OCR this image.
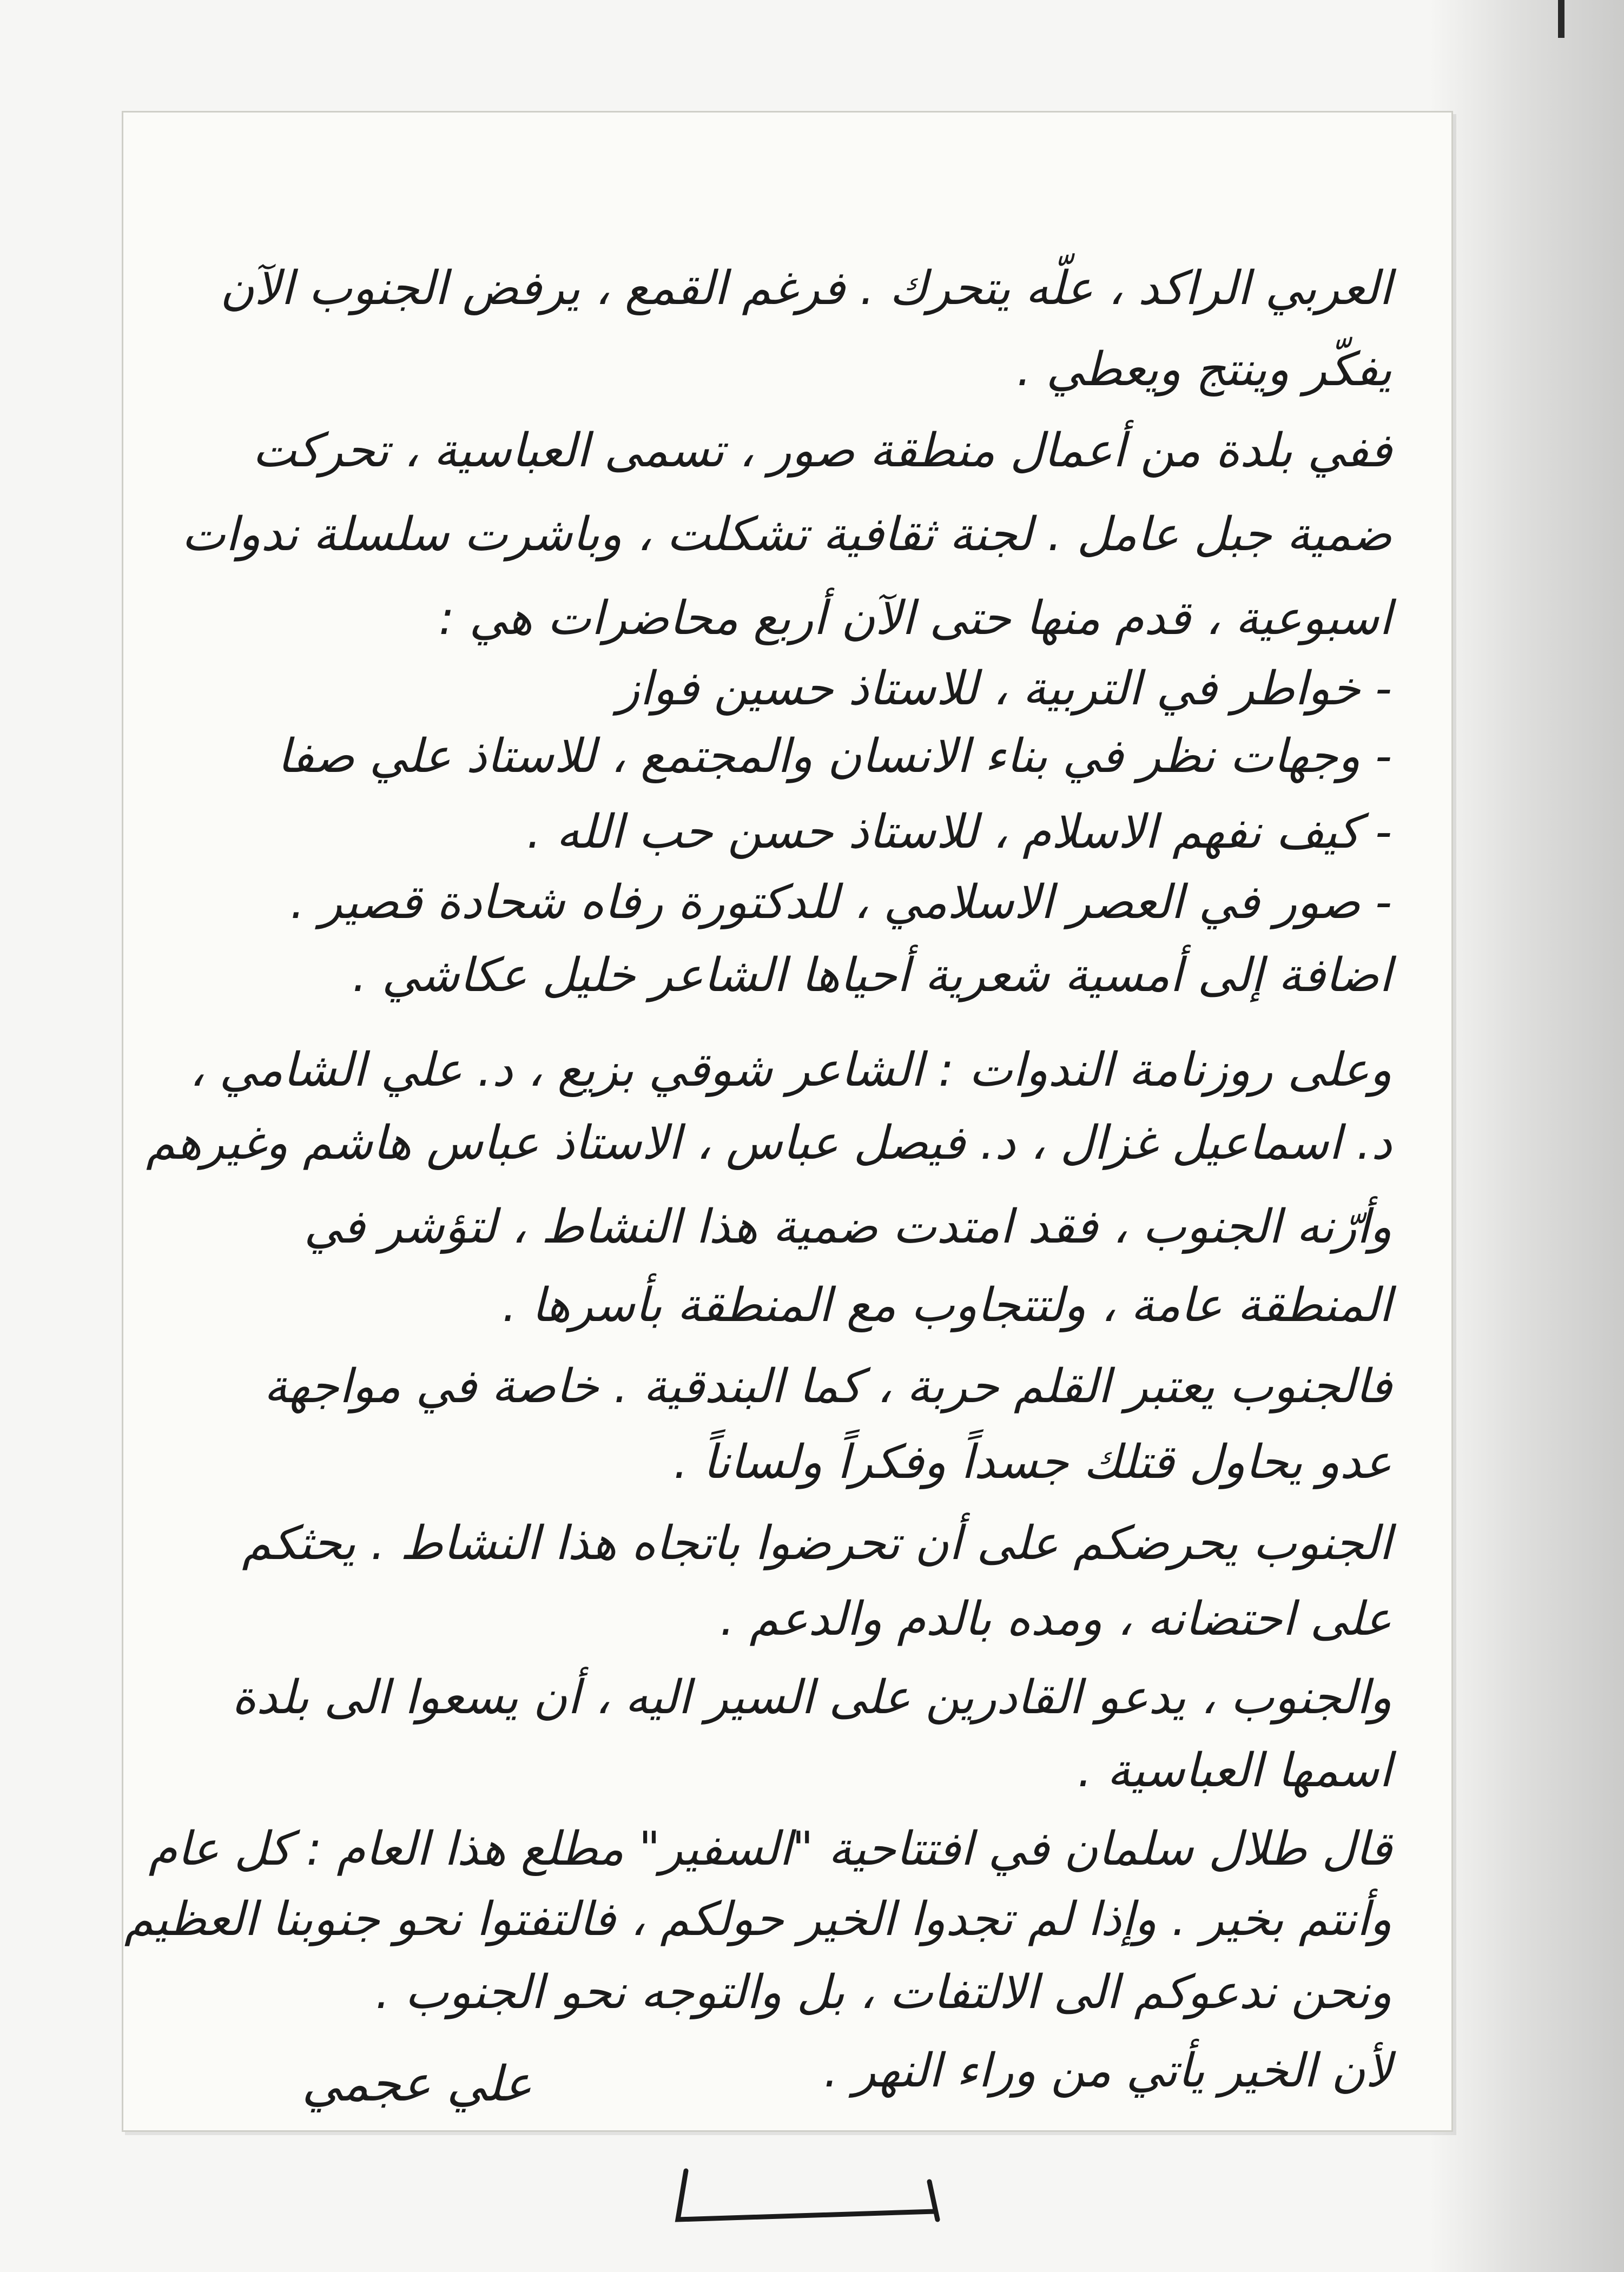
العربي الراكد ، علّه يتحرك . فرغم القمع ، يرفض الجنوب الآن

يفكّر وينتج ويعطي .

ففي بلدة من أعمال منطقة صور ، تسمى العباسية ، تحركت

ضمية جبل عامل . لجنة ثقافية تشكلت ، وباشرت سلسلة ندوات

اسبوعية ، قدم منها حتى الآن أربع محاضرات هي :

- خواطر في التربية ، للاستاذ حسين فواز

- وجهات نظر في بناء الانسان والمجتمع ، للاستاذ علي صفا

- كيف نفهم الاسلام ، للاستاذ حسن حب الله .

- صور في العصر الاسلامي ، للدكتورة رفاه شحادة قصير .

اضافة إلى أمسية شعرية أحياها الشاعر خليل عكاشي .

وعلى روزنامة الندوات : الشاعر شوقي بزيع ، د. علي الشامي ،

د. اسماعيل غزال ، د. فيصل عباس ، الاستاذ عباس هاشم وغيرهم

وأرّنه الجنوب ، فقد امتدت ضمية هذا النشاط ، لتؤشر في

المنطقة عامة ، ولتتجاوب مع المنطقة بأسرها .

فالجنوب يعتبر القلم حربة ، كما البندقية . خاصة في مواجهة

عدو يحاول قتلك جسداً وفكراً ولساناً .

الجنوب يحرضكم على أن تحرضوا باتجاه هذا النشاط . يحثكم

على احتضانه ، ومده بالدم والدعم .

والجنوب ، يدعو القادرين على السير اليه ، أن يسعوا الى بلدة

اسمها العباسية .

قال طلال سلمان في افتتاحية "السفير" مطلع هذا العام : كل عام

وأنتم بخير . وإذا لم تجدوا الخير حولكم ، فالتفتوا نحو جنوبنا العظيم

ونحن ندعوكم الى الالتفات ، بل والتوجه نحو الجنوب .

لأن الخير يأتي من وراء النهر .

علي عجمي
